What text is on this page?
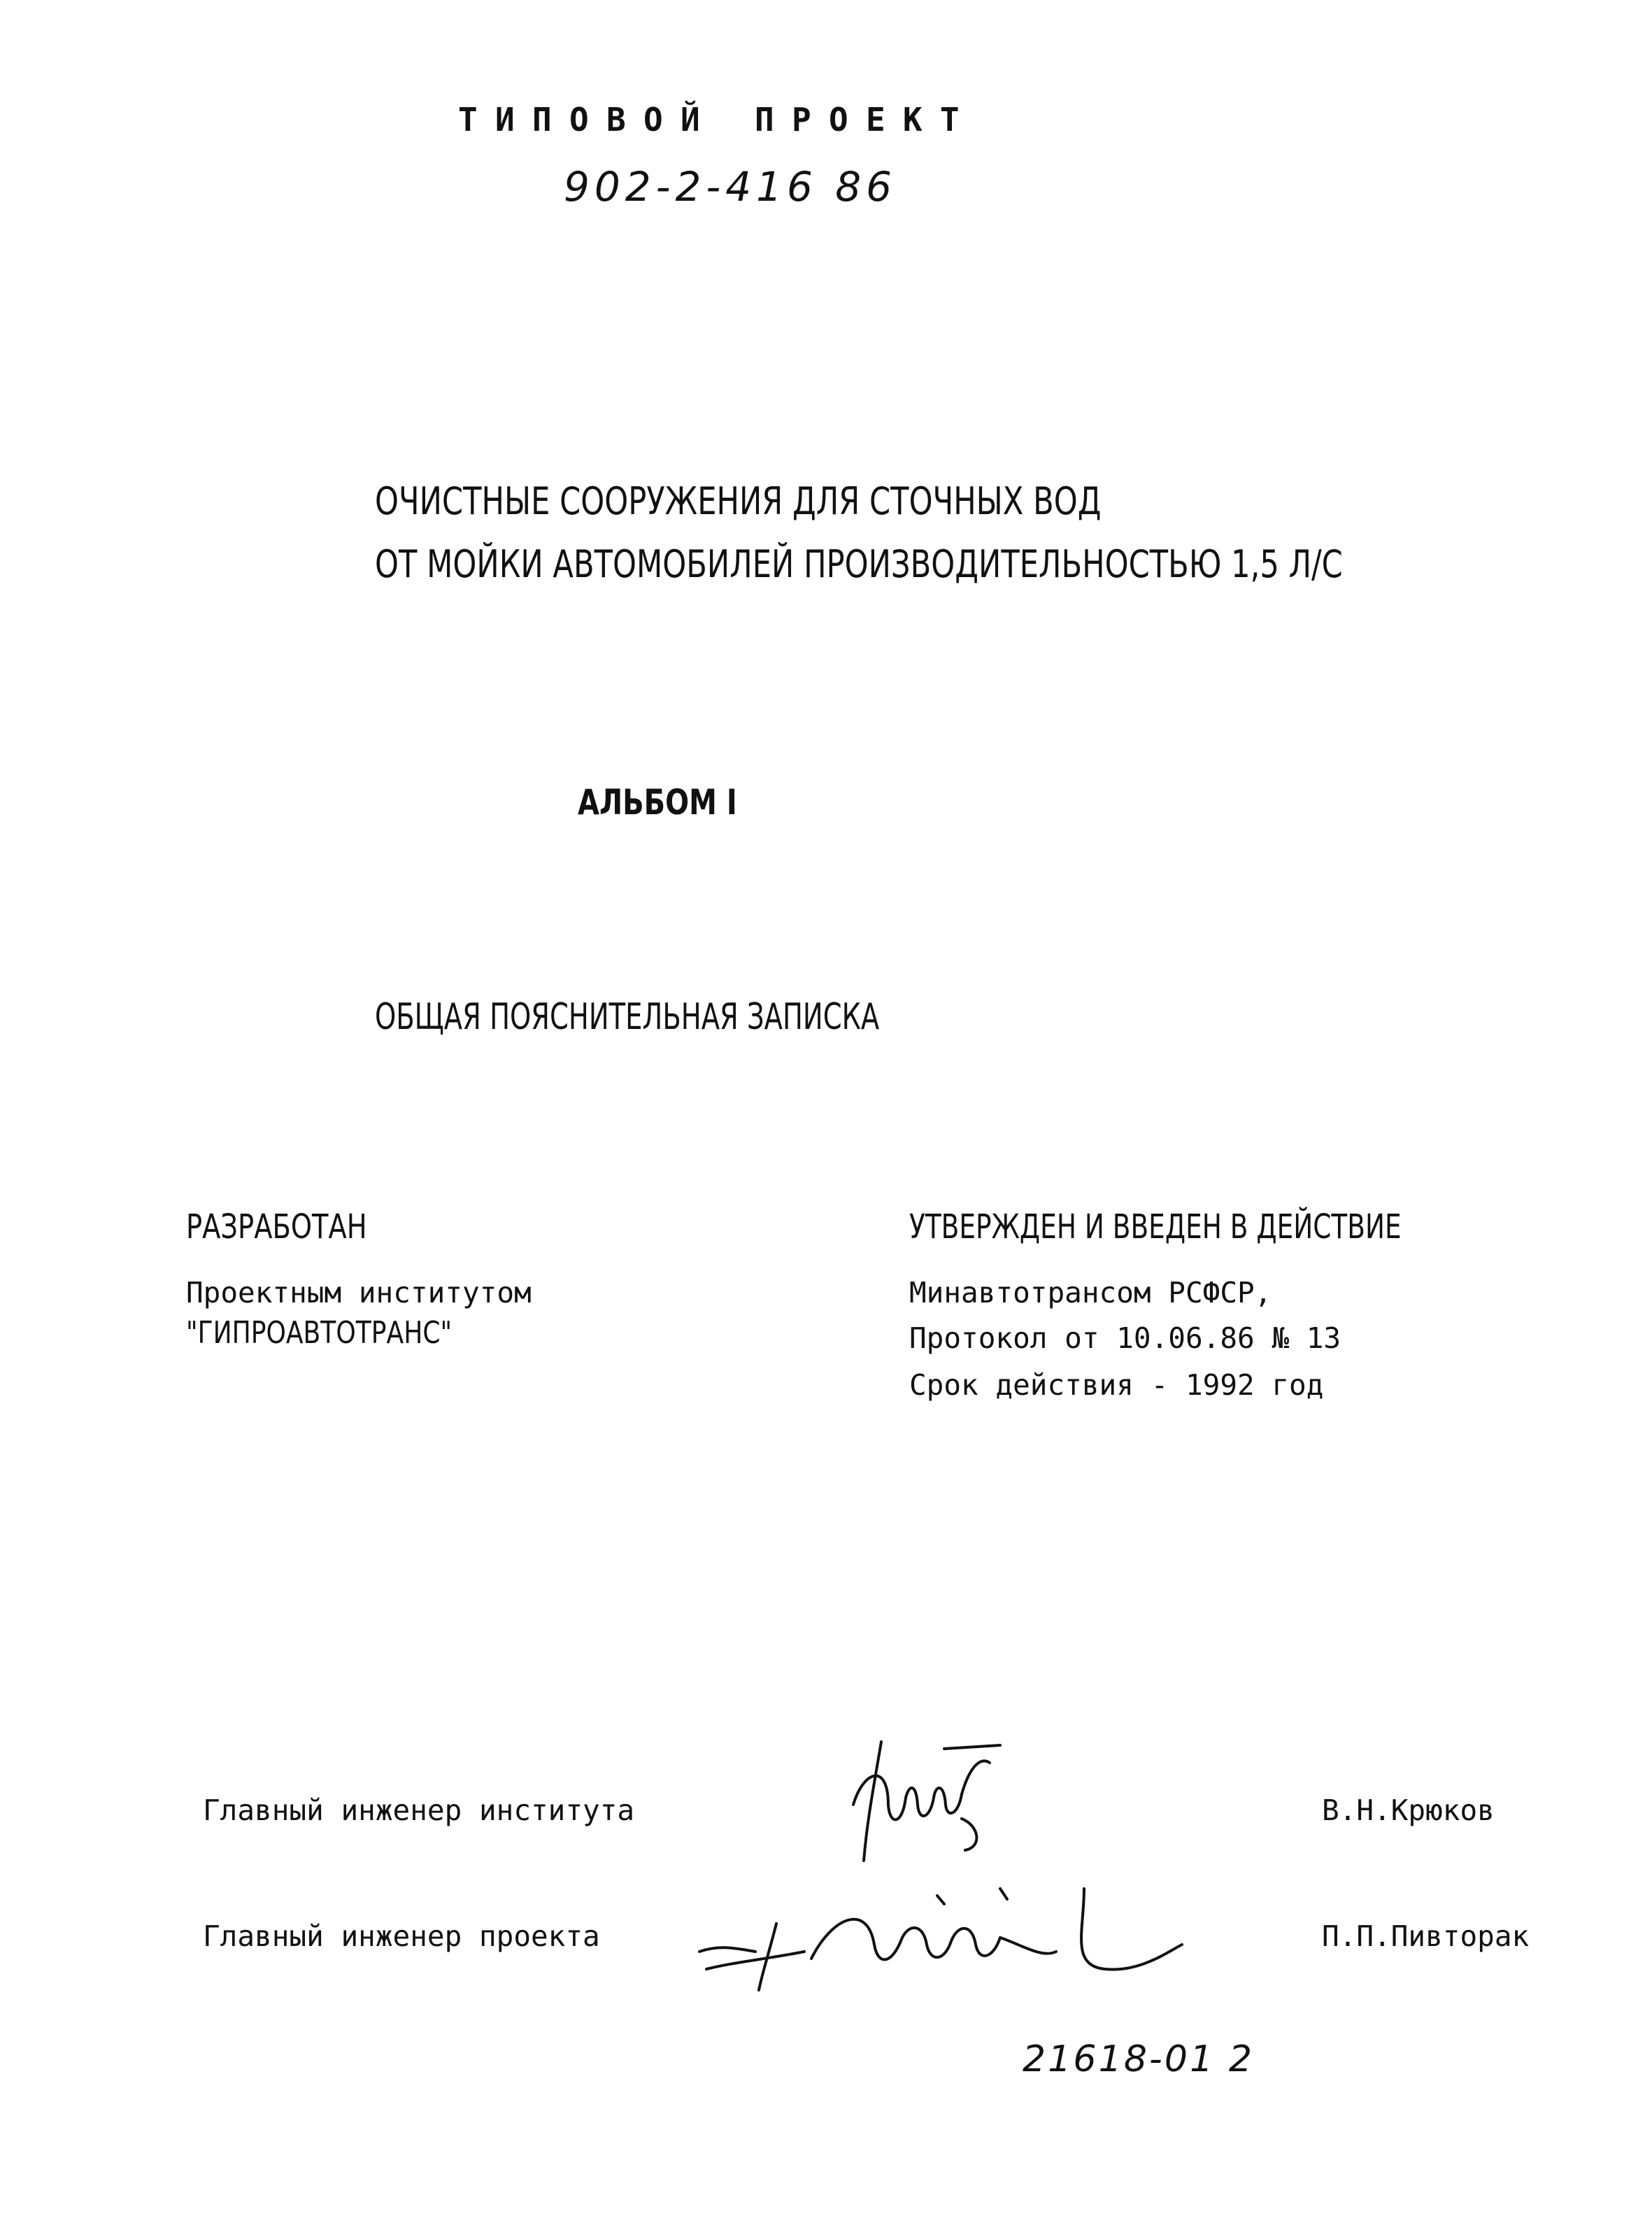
ТИПОВОЙ ПРОЕКТ
902-2-416 86
ОЧИСТНЫЕ СООРУЖЕНИЯ ДЛЯ СТОЧНЫХ ВОД
ОТ МОЙКИ АВТОМОБИЛЕЙ ПРОИЗВОДИТЕЛЬНОСТЬЮ 1,5 Л/С
АЛЬБОМ I
ОБЩАЯ ПОЯСНИТЕЛЬНАЯ ЗАПИСКА
РАЗРАБОТАН
Проектным институтом
"ГИПРОАВТОТРАНС"
УТВЕРЖДЕН И ВВЕДЕН В ДЕЙСТВИЕ
Минавтотрансом РСФСР,
Протокол от 10.06.86 № 13
Срок действия - 1992 год
Главный инженер института	В.Н.Крюков
Главный инженер проекта	П.П.Пивторак
21618-01 2
